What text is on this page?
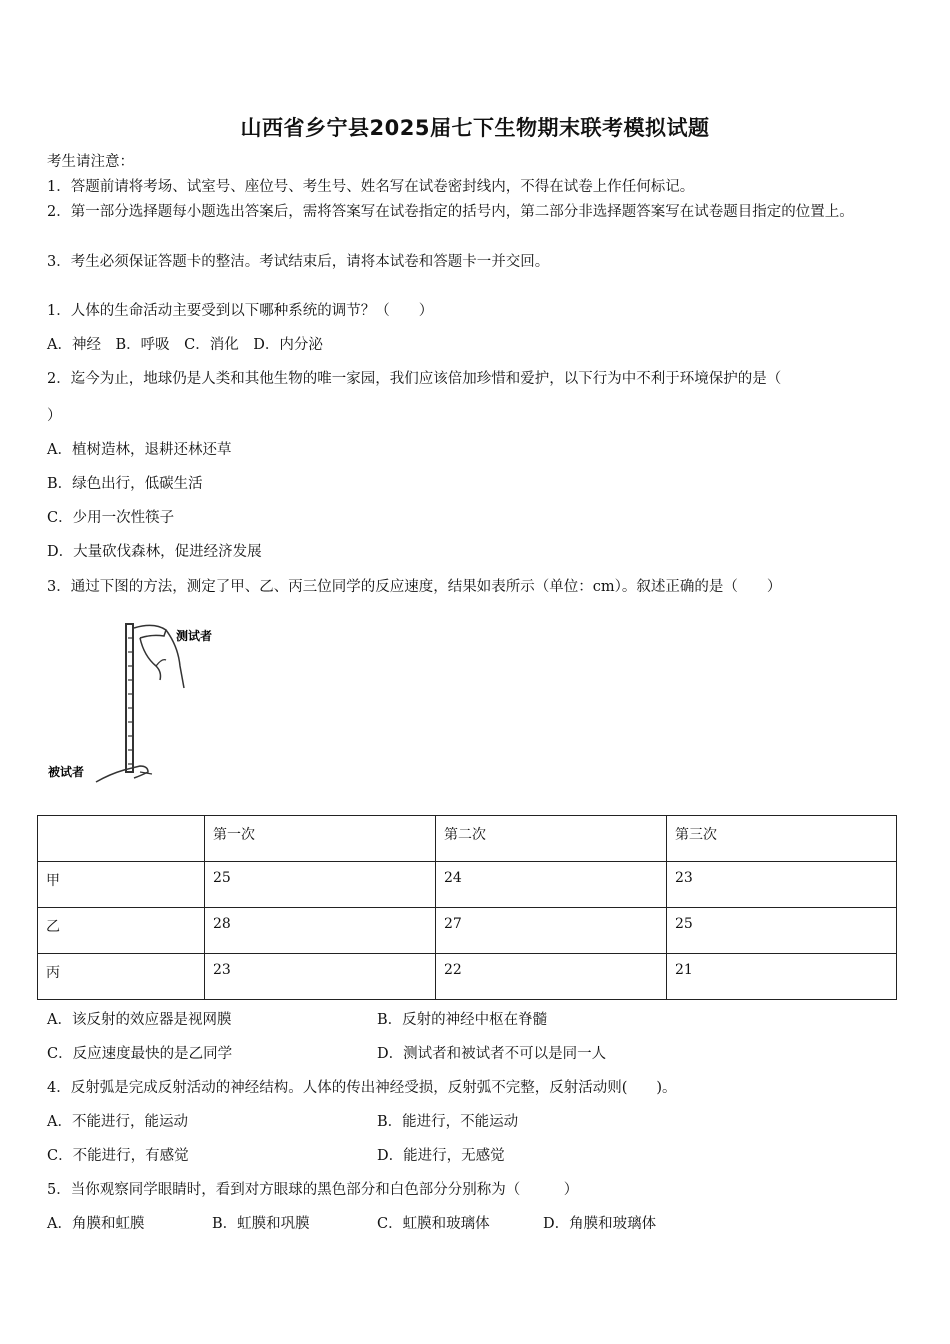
山西省乡宁县2025届七下生物期末联考模拟试题
考生请注意：
1．答题前请将考场、试室号、座位号、考生号、姓名写在试卷密封线内，不得在试卷上作任何标记。
2．第一部分选择题每小题选出答案后，需将答案写在试卷指定的括号内，第二部分非选择题答案写在试卷题目指定的位置上。
3．考生必须保证答题卡的整洁。考试结束后，请将本试卷和答题卡一并交回。
1．人体的生命活动主要受到以下哪种系统的调节？（　　）
A．神经　B．呼吸　C．消化　D．内分泌
2．迄今为止，地球仍是人类和其他生物的唯一家园，我们应该倍加珍惜和爱护，以下行为中不利于环境保护的是（
）
A．植树造林，退耕还林还草
B．绿色出行，低碳生活
C．少用一次性筷子
D．大量砍伐森林，促进经济发展
3．通过下图的方法，测定了甲、乙、丙三位同学的反应速度，结果如表所示（单位：cm）。叙述正确的是（　　）
测试者
被试者
	第一次	第二次	第三次
甲	25	24	23
乙	28	27	25
丙	23	22	21
A．该反射的效应器是视网膜	B．反射的神经中枢在脊髓
C．反应速度最快的是乙同学	D．测试者和被试者不可以是同一人
4．反射弧是完成反射活动的神经结构。人体的传出神经受损，反射弧不完整，反射活动则(　　)。
A．不能进行，能运动	B．能进行，不能运动
C．不能进行，有感觉	D．能进行，无感觉
5．当你观察同学眼睛时，看到对方眼球的黑色部分和白色部分分别称为（　　　）
A．角膜和虹膜	B．虹膜和巩膜	C．虹膜和玻璃体	D．角膜和玻璃体
